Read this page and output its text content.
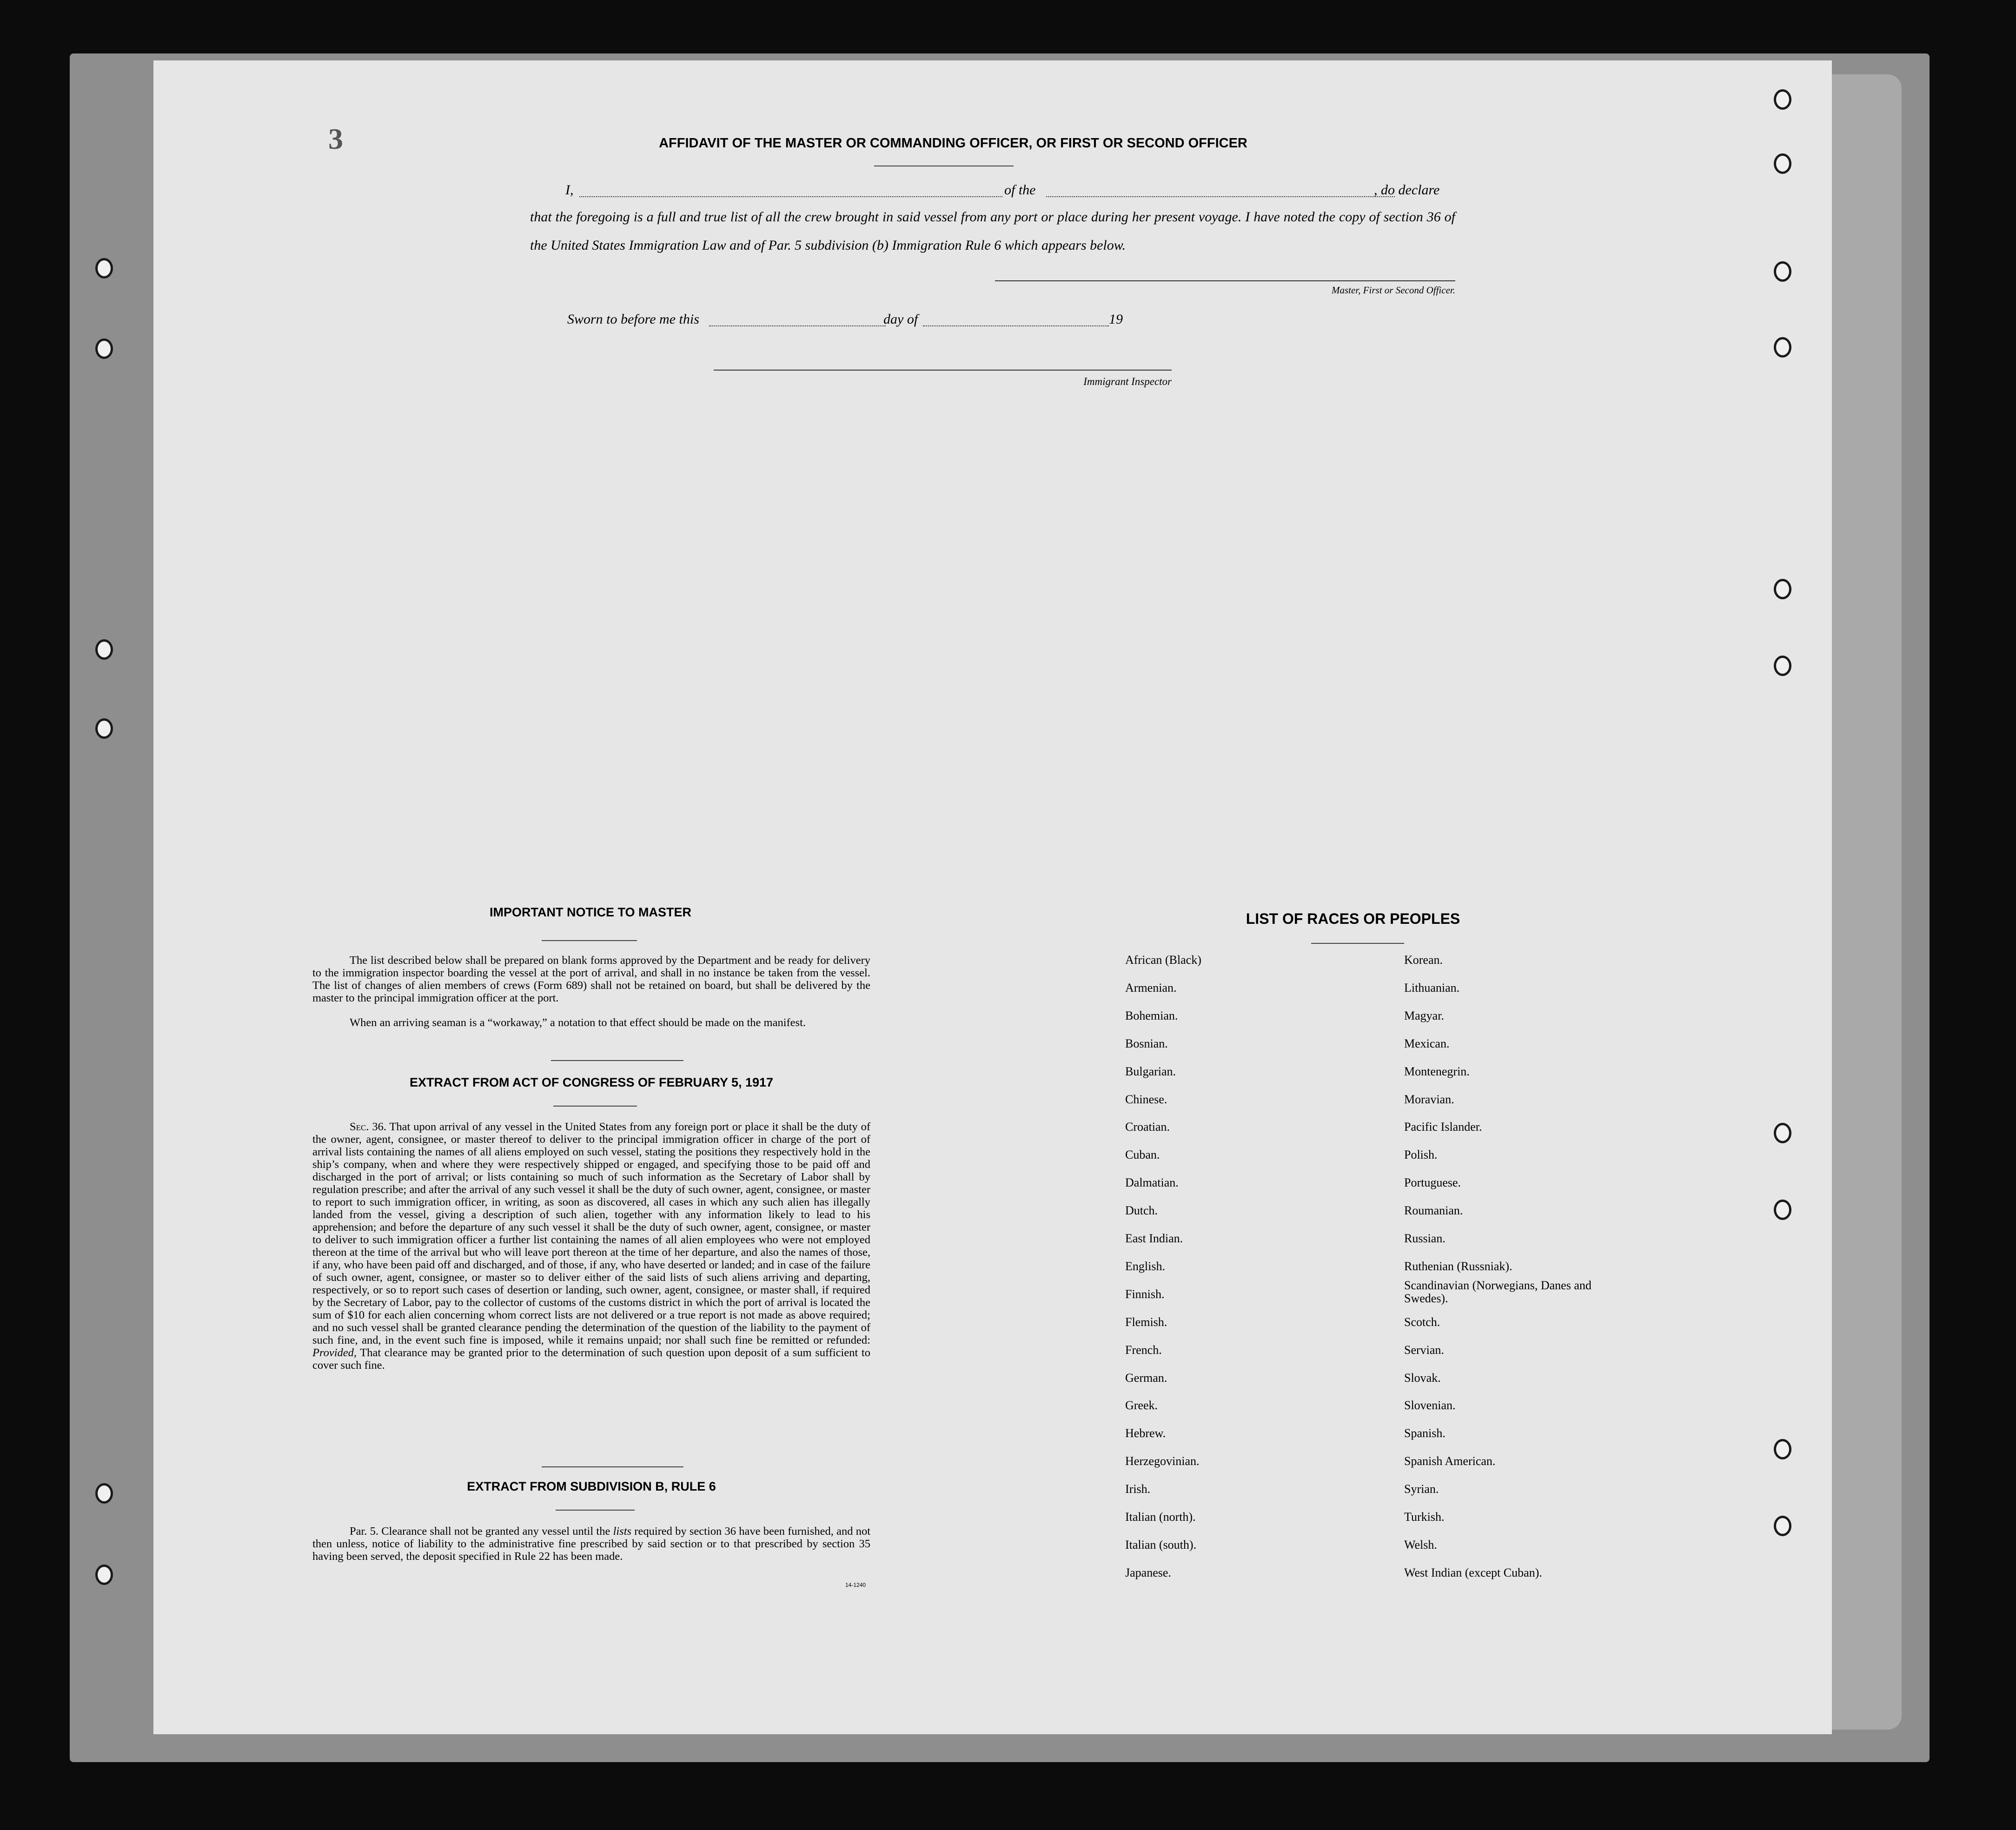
3	AFFIDAVIT OF THE MASTER OR COMMANDING OFFICER, OR FIRST OR SECOND OFFICER
I,	of the	, do declare
that the foregoing is a full and true list of all the crew brought in said vessel from any port or place during her present voyage. I have noted the copy of section 36 of the United States Immigration Law and of Par. 5 subdivision (b) Immigration Rule 6 which appears below.
Master, First or Second Officer.
Sworn to before me this	day of	19
Immigrant Inspector
IMPORTANT NOTICE TO MASTER
The list described below shall be prepared on blank forms approved by the Department and be ready for delivery to the immigration inspector boarding the vessel at the port of arrival, and shall in no instance be taken from the vessel. The list of changes of alien members of crews (Form 689) shall not be retained on board, but shall be delivered by the master to the principal immigration officer at the port.
When an arriving seaman is a “workaway,” a notation to that effect should be made on the manifest.
EXTRACT FROM ACT OF CONGRESS OF FEBRUARY 5, 1917
Sec. 36. That upon arrival of any vessel in the United States from any foreign port or place it shall be the duty of the owner, agent, consignee, or master thereof to deliver to the principal immigration officer in charge of the port of arrival lists containing the names of all aliens employed on such vessel, stating the positions they respectively hold in the ship’s company, when and where they were respectively shipped or engaged, and specifying those to be paid off and discharged in the port of arrival; or lists containing so much of such information as the Secretary of Labor shall by regulation prescribe; and after the arrival of any such vessel it shall be the duty of such owner, agent, consignee, or master to report to such immigration officer, in writing, as soon as discovered, all cases in which any such alien has illegally landed from the vessel, giving a description of such alien, together with any information likely to lead to his apprehension; and before the departure of any such vessel it shall be the duty of such owner, agent, consignee, or master to deliver to such immigration officer a further list containing the names of all alien employees who were not employed thereon at the time of the arrival but who will leave port thereon at the time of her departure, and also the names of those, if any, who have been paid off and discharged, and of those, if any, who have deserted or landed; and in case of the failure of such owner, agent, consignee, or master so to deliver either of the said lists of such aliens arriving and departing, respectively, or so to report such cases of desertion or landing, such owner, agent, consignee, or master shall, if required by the Secretary of Labor, pay to the collector of customs of the customs district in which the port of arrival is located the sum of $10 for each alien concerning whom correct lists are not delivered or a true report is not made as above required; and no such vessel shall be granted clearance pending the determination of the question of the liability to the payment of such fine, and, in the event such fine is imposed, while it remains unpaid; nor shall such fine be remitted or refunded: Provided, That clearance may be granted prior to the determination of such question upon deposit of a sum sufficient to cover such fine.
EXTRACT FROM SUBDIVISION B, RULE 6
Par. 5. Clearance shall not be granted any vessel until the lists required by section 36 have been furnished, and not then unless, notice of liability to the administrative fine prescribed by said section or to that prescribed by section 35 having been served, the deposit specified in Rule 22 has been made.
14-1240
LIST OF RACES OR PEOPLES
African (Black)
Armenian.
Bohemian.
Bosnian.
Bulgarian.
Chinese.
Croatian.
Cuban.
Dalmatian.
Dutch.
East Indian.
English.
Finnish.
Flemish.
French.
German.
Greek.
Hebrew.
Herzegovinian.
Irish.
Italian (north).
Italian (south).
Japanese.
Korean.
Lithuanian.
Magyar.
Mexican.
Montenegrin.
Moravian.
Pacific Islander.
Polish.
Portuguese.
Roumanian.
Russian.
Ruthenian (Russniak).
Scandinavian (Norwegians, Danes and Swedes).
Scotch.
Servian.
Slovak.
Slovenian.
Spanish.
Spanish American.
Syrian.
Turkish.
Welsh.
West Indian (except Cuban).
